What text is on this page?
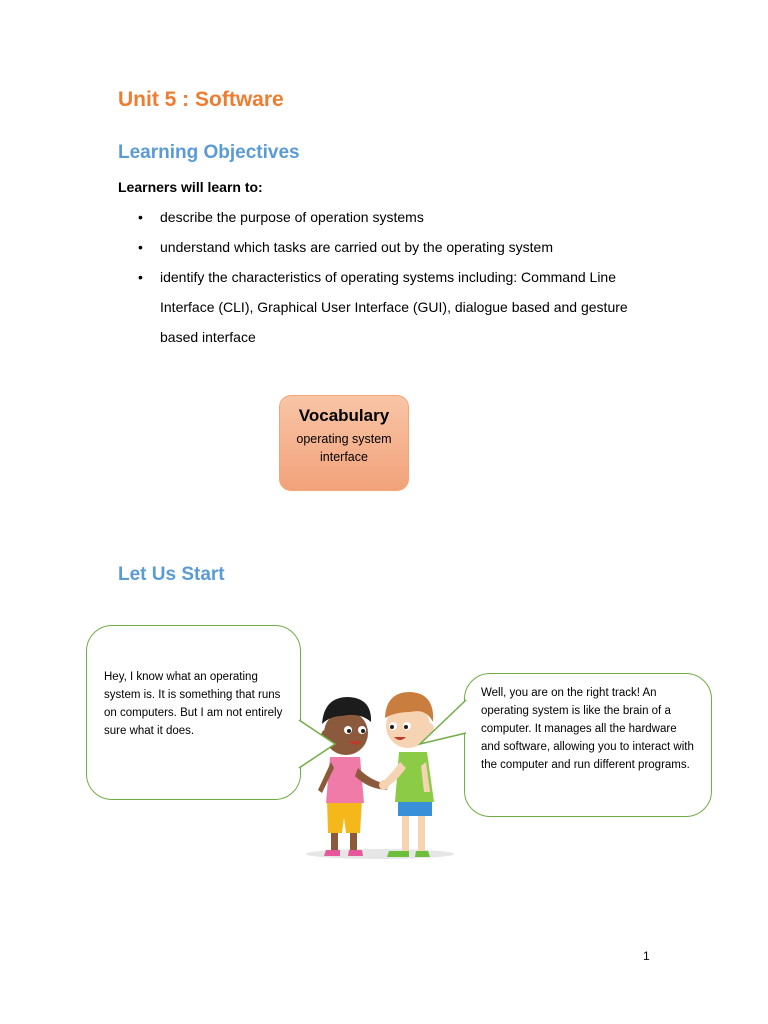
Unit 5 : Software
Learning Objectives
Learners will learn to:
• describe the purpose of operation systems
• understand which tasks are carried out by the operating system
• identify the characteristics of operating systems including: Command Line Interface (CLI), Graphical User Interface (GUI), dialogue based and gesture based interface
Vocabulary
operating system
interface
Let Us Start
Hey, I know what an operating system is. It is something that runs on computers. But I am not entirely sure what it does.
Well, you are on the right track! An operating system is like the brain of a computer. It manages all the hardware and software, allowing you to interact with the computer and run different programs.
1
